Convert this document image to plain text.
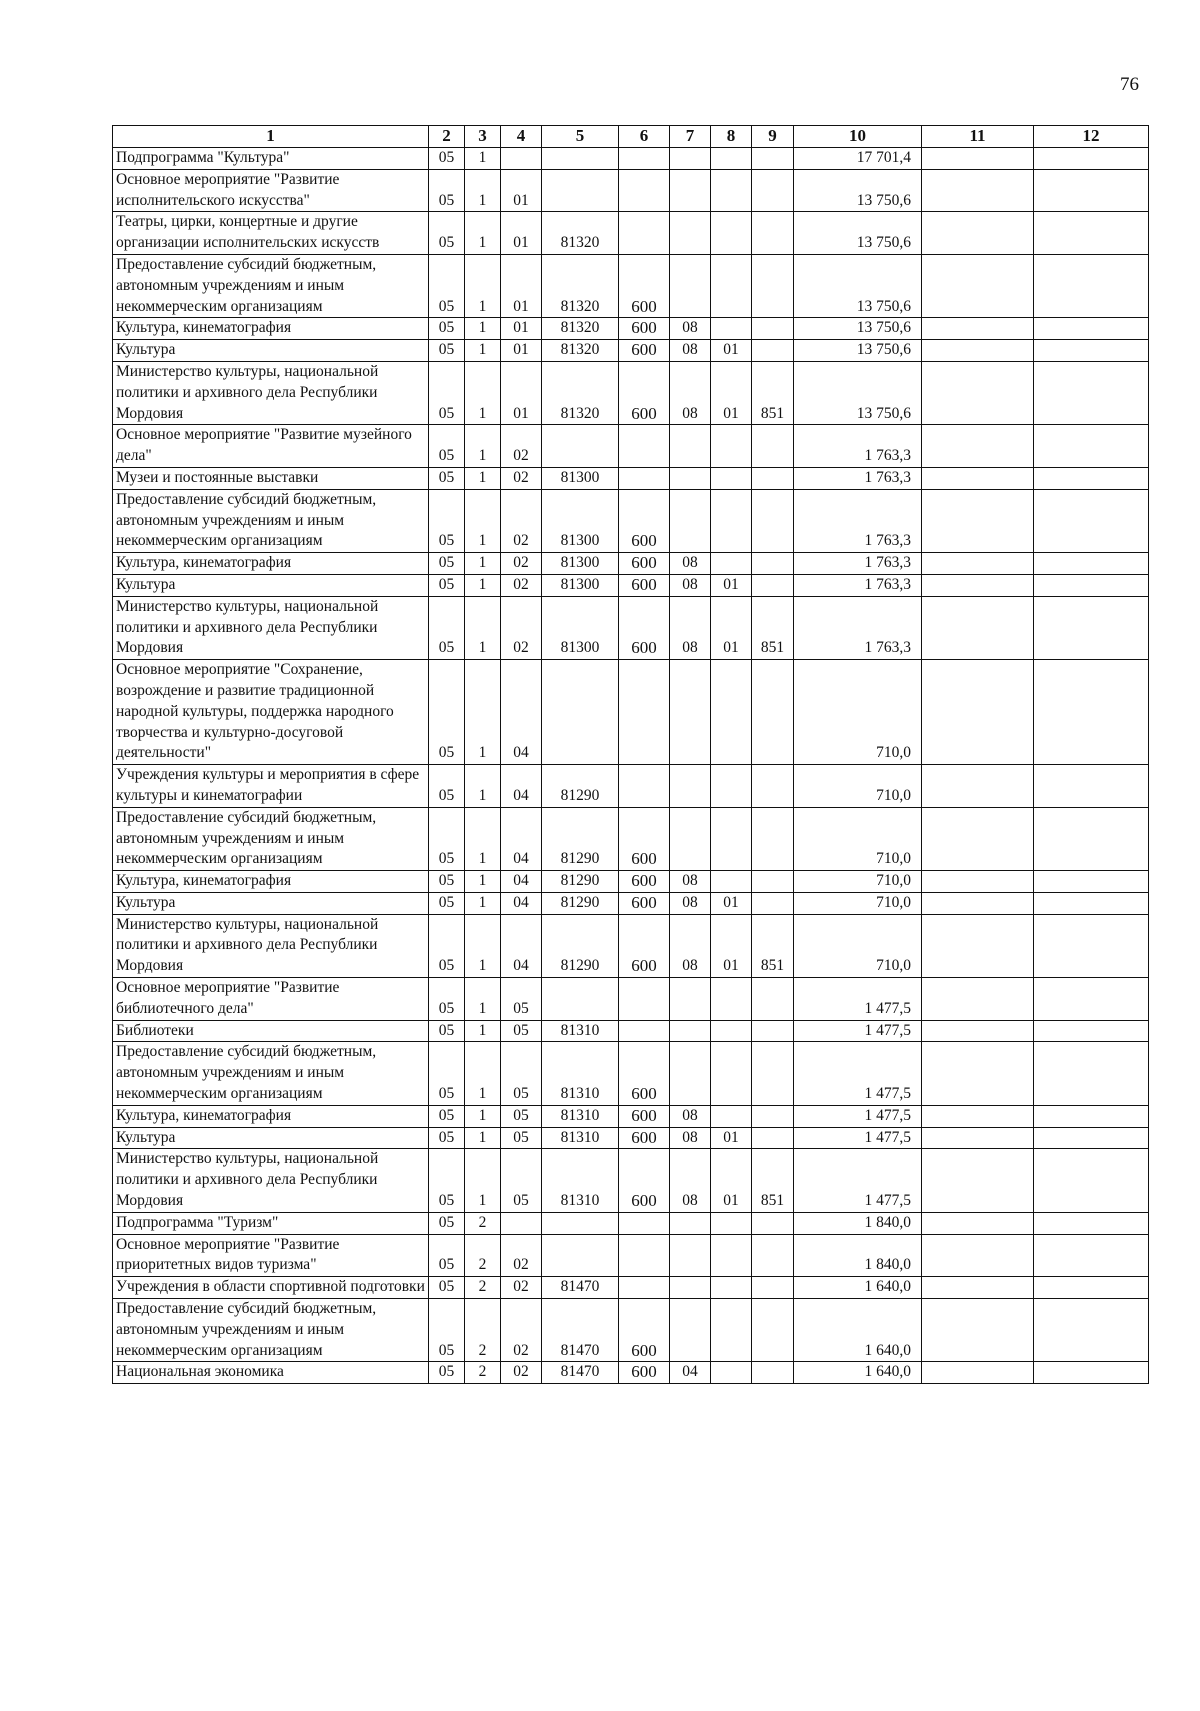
76
1	2	3	4	5	6	7	8	9	10	11	12
Подпрограмма "Культура"	05	1							17 701,4		
Основное мероприятие "Развитие исполнительского искусства"	05	1	01						13 750,6		
Театры, цирки, концертные и другие организации исполнительских искусств	05	1	01	81320					13 750,6		
Предоставление субсидий бюджетным, автономным учреждениям и иным некоммерческим организациям	05	1	01	81320	600				13 750,6		
Культура, кинематография	05	1	01	81320	600	08			13 750,6		
Культура	05	1	01	81320	600	08	01		13 750,6		
Министерство культуры, национальной политики и архивного дела Республики Мордовия	05	1	01	81320	600	08	01	851	13 750,6		
Основное мероприятие "Развитие музейного дела"	05	1	02						1 763,3		
Музеи и постоянные выставки	05	1	02	81300					1 763,3		
Предоставление субсидий бюджетным, автономным учреждениям и иным некоммерческим организациям	05	1	02	81300	600				1 763,3		
Культура, кинематография	05	1	02	81300	600	08			1 763,3		
Культура	05	1	02	81300	600	08	01		1 763,3		
Министерство культуры, национальной политики и архивного дела Республики Мордовия	05	1	02	81300	600	08	01	851	1 763,3		
Основное мероприятие "Сохранение, возрождение и развитие традиционной народной культуры, поддержка народного творчества и культурно-досуговой деятельности"	05	1	04						710,0		
Учреждения культуры и мероприятия в сфере культуры и кинематографии	05	1	04	81290					710,0		
Предоставление субсидий бюджетным, автономным учреждениям и иным некоммерческим организациям	05	1	04	81290	600				710,0		
Культура, кинематография	05	1	04	81290	600	08			710,0		
Культура	05	1	04	81290	600	08	01		710,0		
Министерство культуры, национальной политики и архивного дела Республики Мордовия	05	1	04	81290	600	08	01	851	710,0		
Основное мероприятие "Развитие библиотечного дела"	05	1	05						1 477,5		
Библиотеки	05	1	05	81310					1 477,5		
Предоставление субсидий бюджетным, автономным учреждениям и иным некоммерческим организациям	05	1	05	81310	600				1 477,5		
Культура, кинематография	05	1	05	81310	600	08			1 477,5		
Культура	05	1	05	81310	600	08	01		1 477,5		
Министерство культуры, национальной политики и архивного дела Республики Мордовия	05	1	05	81310	600	08	01	851	1 477,5		
Подпрограмма "Туризм"	05	2							1 840,0		
Основное мероприятие "Развитие приоритетных видов туризма"	05	2	02						1 840,0		
Учреждения в области спортивной подготовки	05	2	02	81470					1 640,0		
Предоставление субсидий бюджетным, автономным учреждениям и иным некоммерческим организациям	05	2	02	81470	600				1 640,0		
Национальная экономика	05	2	02	81470	600	04			1 640,0		
